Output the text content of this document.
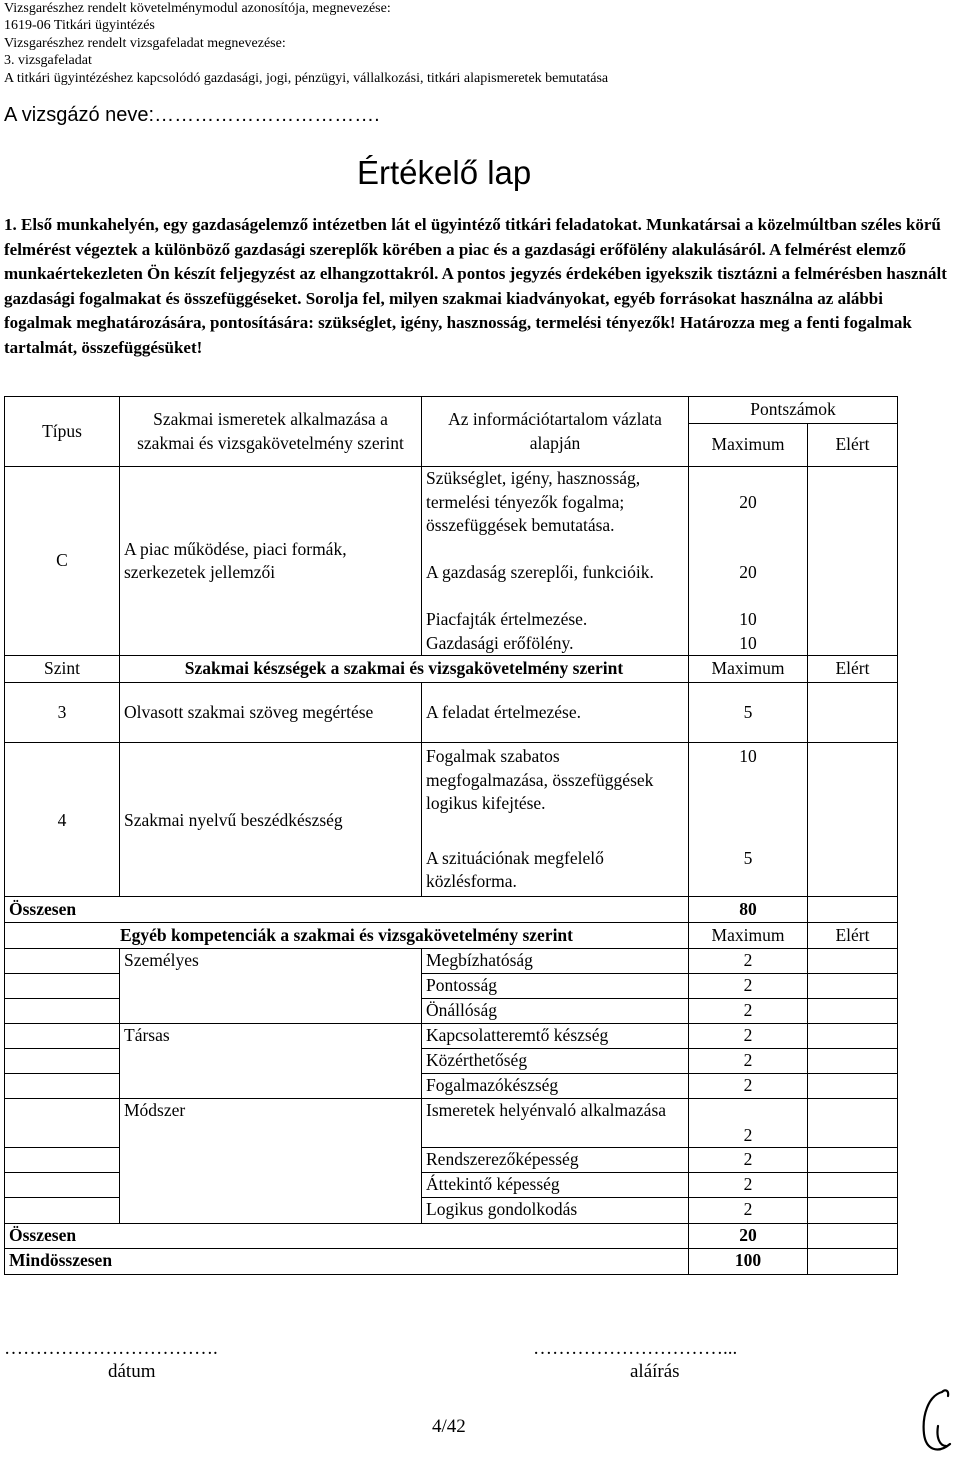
Vizsgarészhez rendelt követelménymodul azonosítója, megnevezése:
1619-06 Titkári ügyintézés
Vizsgarészhez rendelt vizsgafeladat megnevezése:
3. vizsgafeladat
A titkári ügyintézéshez kapcsolódó gazdasági, jogi, pénzügyi, vállalkozási, titkári alapismeretek bemutatása
A vizsgázó neve:…………………………….
Értékelő lap

1. Első munkahelyén, egy gazdaságelemző intézetben lát el ügyintéző titkári feladatokat. Munkatársai a közelmúltban széles körű felmérést végeztek a különböző gazdasági szereplők körében a piac és a gazdasági erőfölény alakulásáról. A felmérést elemző munkaértekezleten Ön készít feljegyzést az elhangzottakról. A pontos jegyzés érdekében igyekszik tisztázni a felmérésben használt gazdasági fogalmakat és összefüggéseket. Sorolja fel, milyen szakmai kiadványokat, egyéb forrásokat használna az alábbi fogalmak meghatározására, pontosítására: szükséglet, igény, hasznosság, termelési tényezők! Határozza meg a fenti fogalmak tartalmát, összefüggésüket!

Típus	Szakmai ismeretek alkalmazása a szakmai és vizsgakövetelmény szerint	Az információtartalom vázlata alapján	Pontszámok	
			Maximum	Elért
C	A piac működése, piaci formák, szerkezetek jellemzői	Szükséglet, igény, hasznosság, termelési tényezők fogalma; összefüggések bemutatása.	20	
		A gazdaság szereplői, funkcióik.	20	
		Piacfajták értelmezése.	10	
		Gazdasági erőfölény.	10	
Szint	Szakmai készségek a szakmai és vizsgakövetelmény szerint		Maximum	Elért
3	Olvasott szakmai szöveg megértése	A feladat értelmezése.	5	
4	Szakmai nyelvű beszédkészség	Fogalmak szabatos megfogalmazása, összefüggések logikus kifejtése.	10	
		A szituációnak megfelelő közlésforma.	5	
Összesen			80	
Egyéb kompetenciák a szakmai és vizsgakövetelmény szerint			Maximum	Elért
	Személyes	Megbízhatóság	2	
		Pontosság	2	
		Önállóság	2	
	Társas	Kapcsolatteremtő készség	2	
		Közérthetőség	2	
		Fogalmazókészség	2	
	Módszer	Ismeretek helyénvaló alkalmazása	2	
		Rendszerezőképesség	2	
		Áttekintő képesség	2	
		Logikus gondolkodás	2	
Összesen			20	
Mindösszesen			100	
…………………………….
dátum
…………………………...
aláírás
4/42
